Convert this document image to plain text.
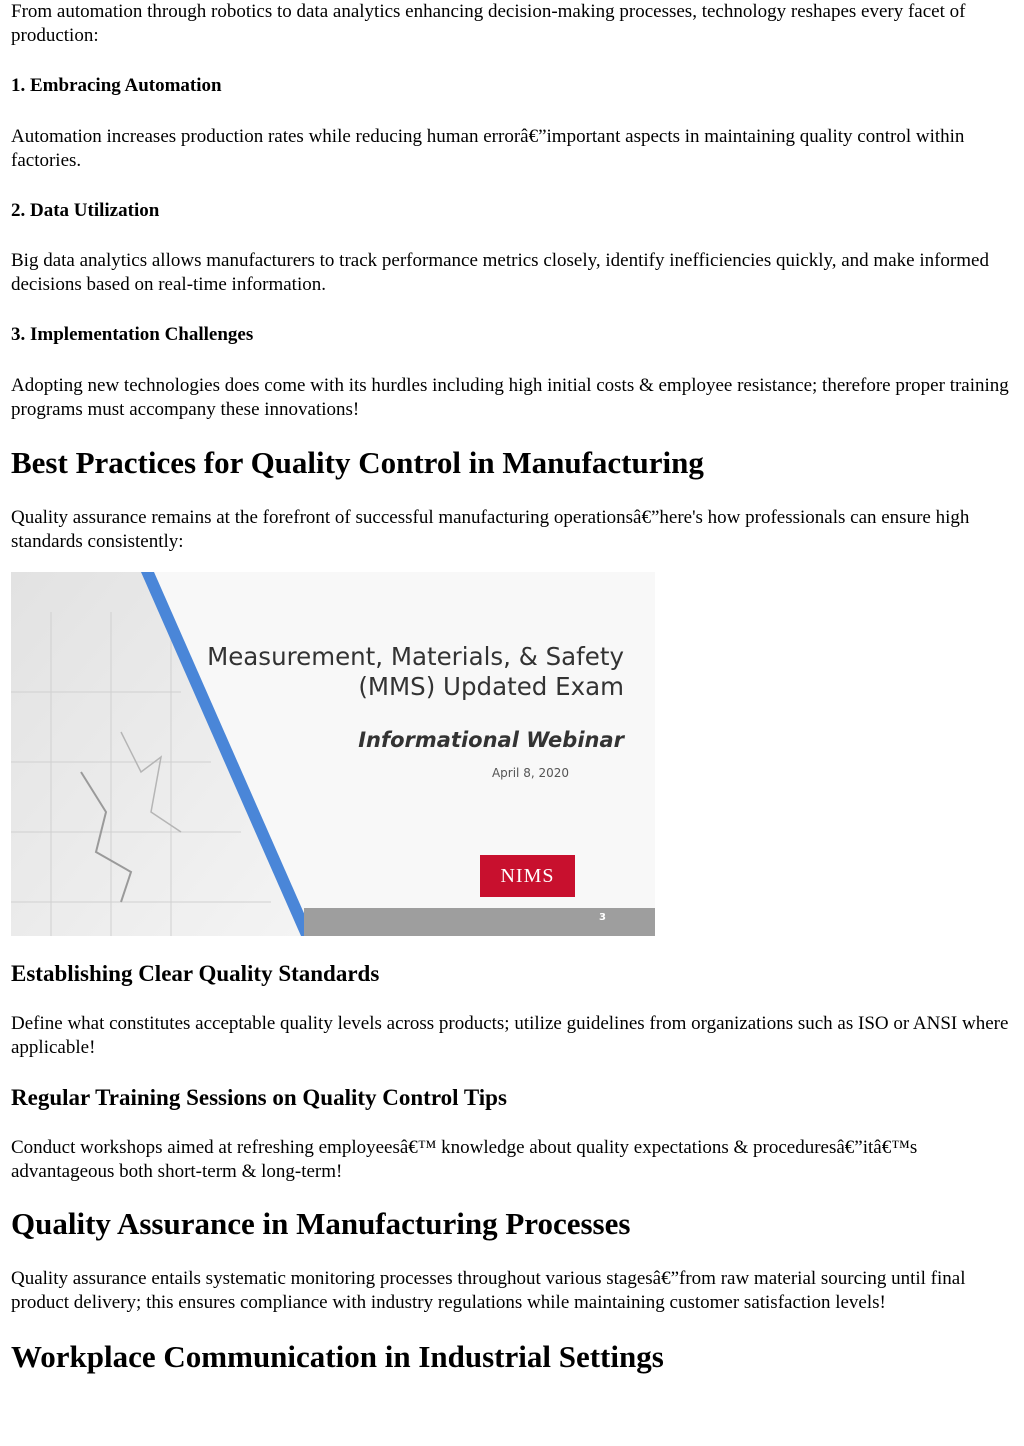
From automation through robotics to data analytics enhancing decision-making processes, technology reshapes every facet of production:

1. Embracing Automation

Automation increases production rates while reducing human errorâ€”important aspects in maintaining quality control within factories.

2. Data Utilization

Big data analytics allows manufacturers to track performance metrics closely, identify inefficiencies quickly, and make informed decisions based on real-time information.

3. Implementation Challenges

Adopting new technologies does come with its hurdles including high initial costs & employee resistance; therefore proper training programs must accompany these innovations!

Best Practices for Quality Control in Manufacturing

Quality assurance remains at the forefront of successful manufacturing operationsâ€”here's how professionals can ensure high standards consistently:

Establishing Clear Quality Standards

Define what constitutes acceptable quality levels across products; utilize guidelines from organizations such as ISO or ANSI where applicable!

Regular Training Sessions on Quality Control Tips

Conduct workshops aimed at refreshing employeesâ€™ knowledge about quality expectations & proceduresâ€”itâ€™s advantageous both short-term & long-term!

Quality Assurance in Manufacturing Processes

Quality assurance entails systematic monitoring processes throughout various stagesâ€”from raw material sourcing until final product delivery; this ensures compliance with industry regulations while maintaining customer satisfaction levels!

Workplace Communication in Industrial Settings
Measurement, Materials, & Safety (MMS) Updated Exam
Informational Webinar
April 8, 2020
NIMS
3
